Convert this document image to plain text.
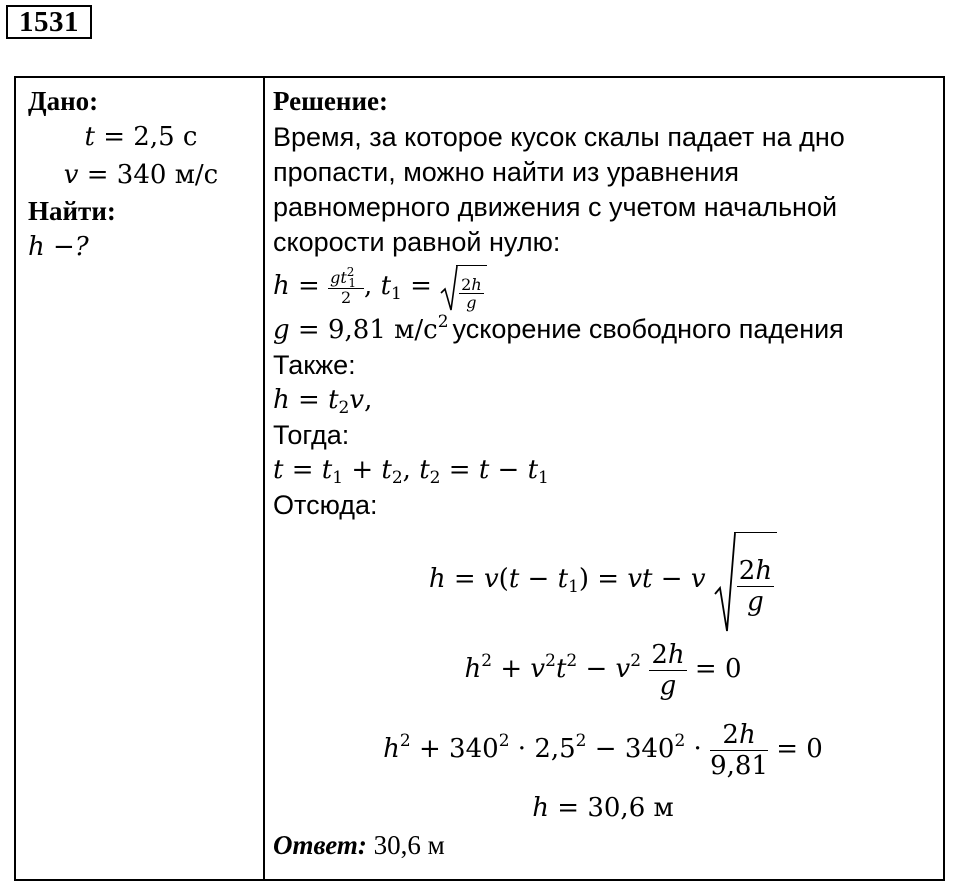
1531
Дано:
t = 2,5 с
v = 340 м/с
Найти:
h −?
Решение:
Время, за которое кусок скалы падает на дно
пропасти, можно найти из уравнения
равномерного движения с учетом начальной
скорости равной нулю:
$h = \frac{gt21}{2}$ , $t_1 = \frac{2h}{g}$
g = 9,81 $м/с^2$ ускорение свободного падения
Также:
$h = t_2v$,
Тогда:
$t = t_1 + t_2$, $t_2 = t - t_1$
Отсюда:
$h = v(t - t_1)$ = vt − v $\frac{2h}{g}$
$h^2 + v^2t^2 - v^2 \frac{2h}{g} = 0$
$h^2 + 340^2 \cdot 2,5^2 - 340^2 \cdot \frac{2h}{9,81} = 0$
h = 30,6 м
Ответ: 30,6 м
